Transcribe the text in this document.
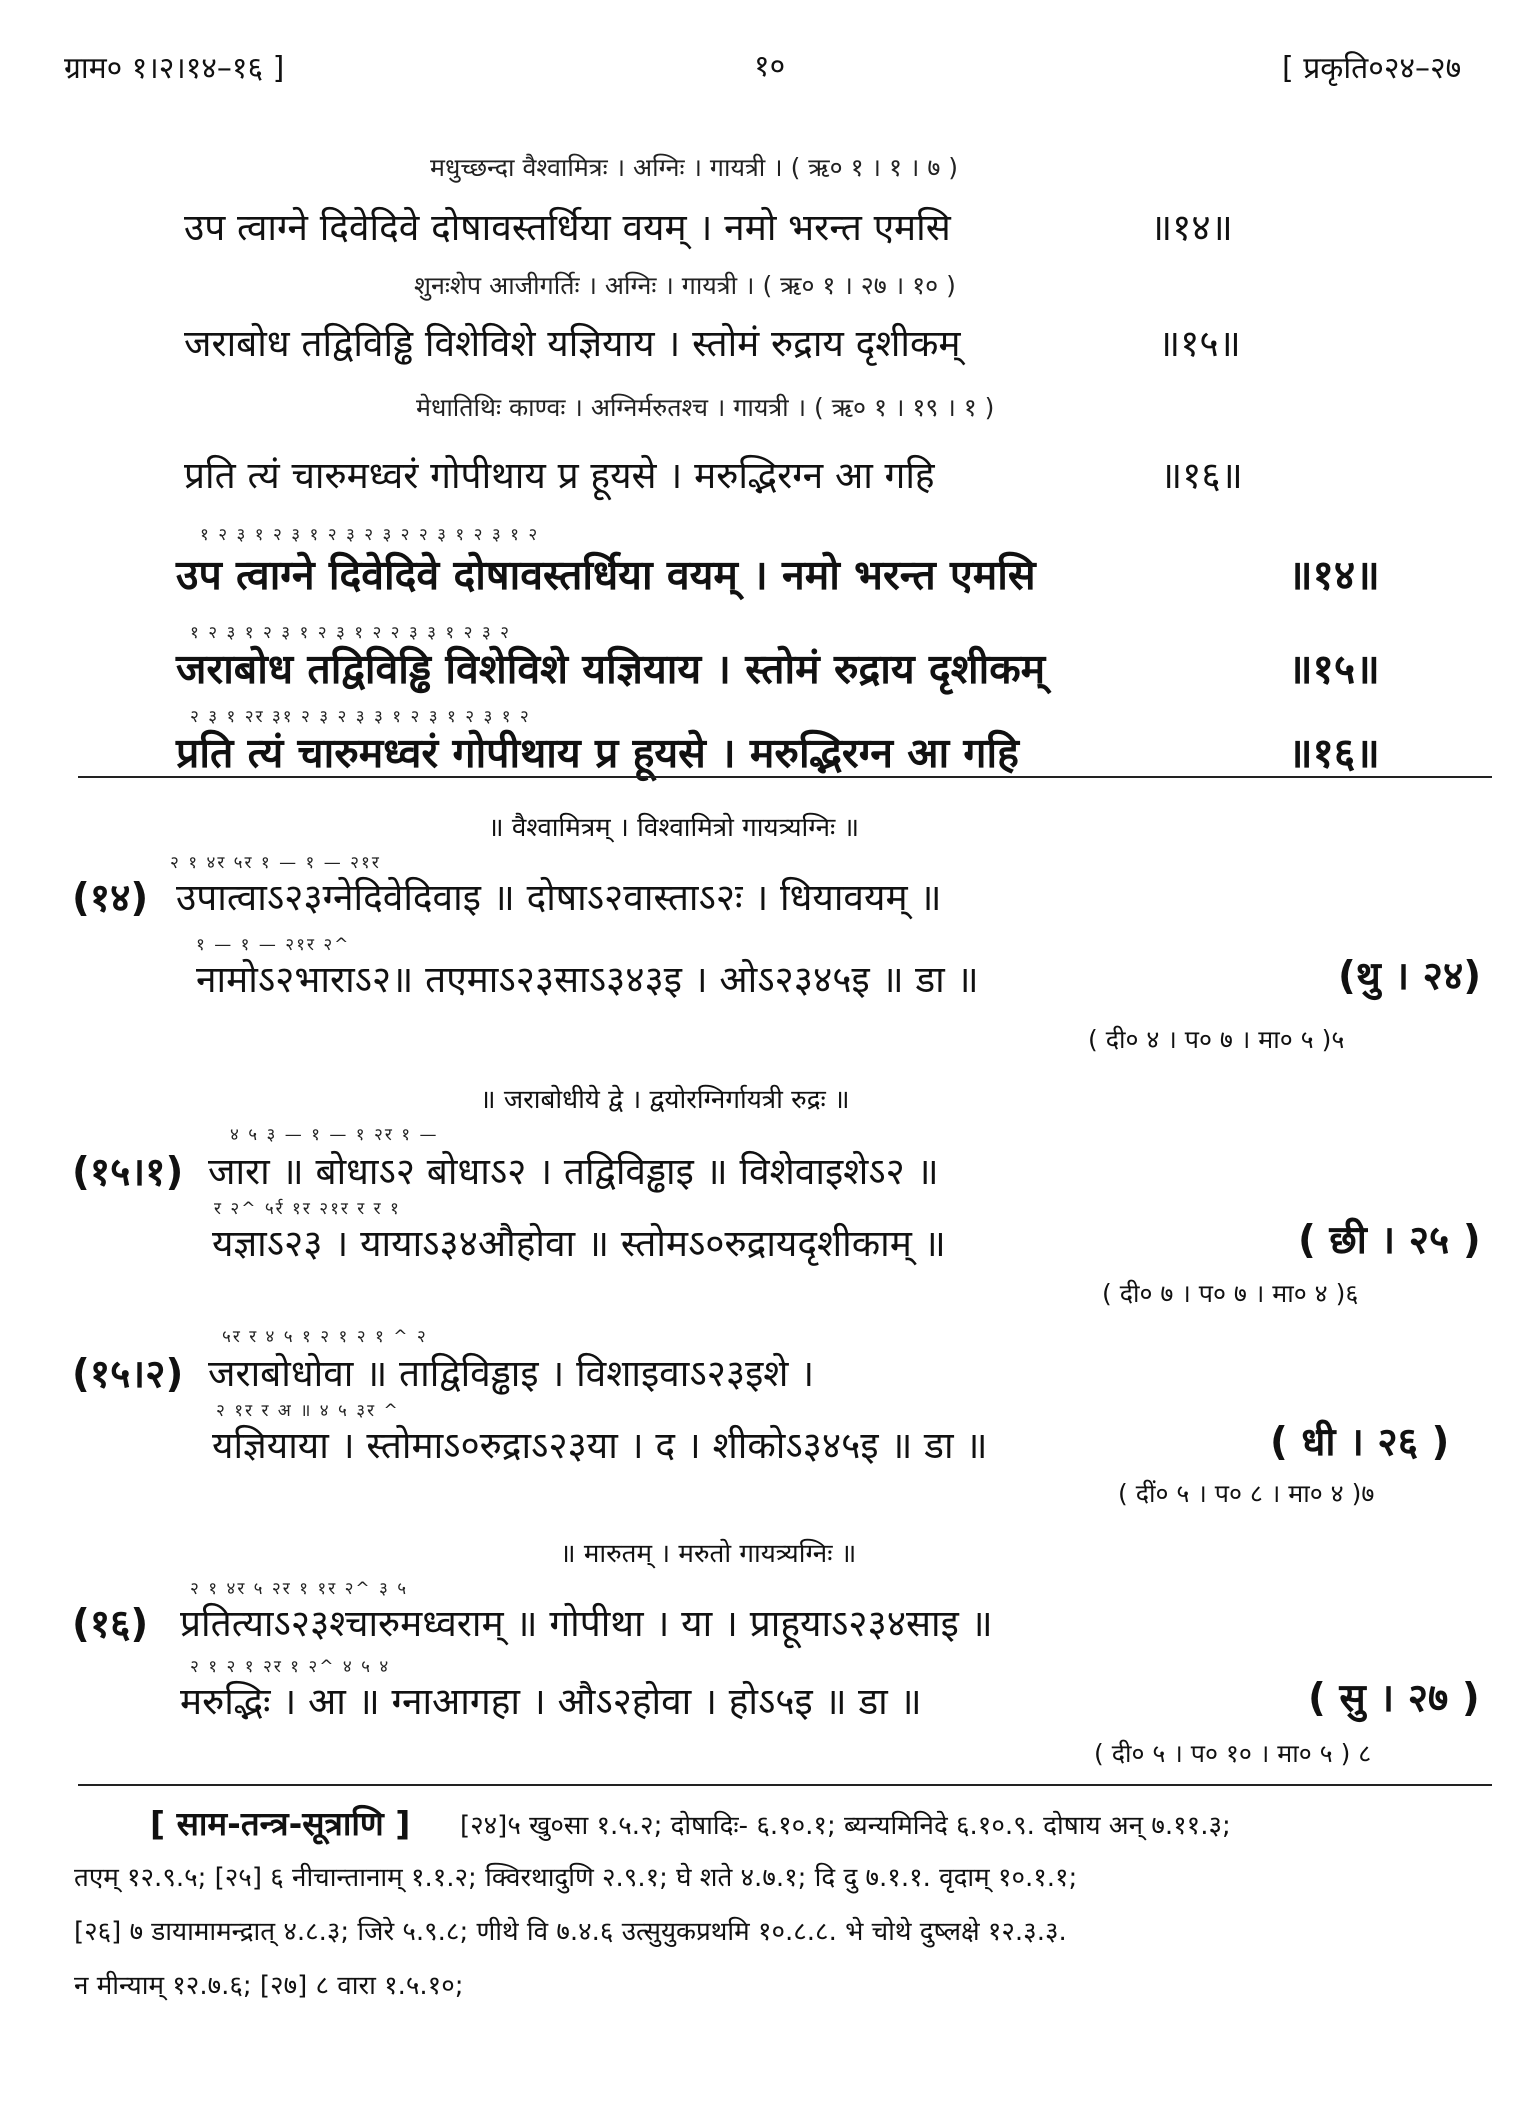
ग्राम० १।२।१४–१६ ]	१०	[ प्रकृति०२४–२७
मधुच्छन्दा वैश्वामित्रः । अग्निः । गायत्री । ( ऋ० १ । १ । ७ )
उप त्वाग्ने दिवेदिवे दोषावस्तर्धिया वयम् । नमो भरन्त एमसि	॥१४॥
शुनःशेप आजीगर्तिः । अग्निः । गायत्री । ( ऋ० १ । २७ । १० )
जराबोध तद्विविड्ढि विशेविशे यज्ञियाय । स्तोमं रुद्राय दृशीकम्	॥१५॥
मेधातिथिः काण्वः । अग्निर्मरुतश्च । गायत्री । ( ऋ० १ । १९ । १ )
प्रति त्यं चारुमध्वरं गोपीथाय प्र हूयसे । मरुद्भिरग्न आ गहि	॥१६॥
१ २ ३ १ २ ३ १ २ ३ २ ३ २ २ ३ १ २ ३ १ २
उप त्वाग्ने दिवेदिवे दोषावस्तर्धिया वयम् । नमो भरन्त एमसि	॥१४॥
१ २ ३ १ २ ३ १ २ ३ १ २ २ ३ ३ १ २ ३ २
जराबोध तद्विविड्ढि विशेविशे यज्ञियाय । स्तोमं रुद्राय दृशीकम्	॥१५॥
२ ३ १ २र ३१ २ ३ २ ३ ३ १ २ ३ १ २ ३ १ २
प्रति त्यं चारुमध्वरं गोपीथाय प्र हूयसे । मरुद्भिरग्न आ गहि	॥१६॥
॥ वैश्वामित्रम् । विश्वामित्रो गायत्र्यग्निः ॥
२ १ ४र ५र १ — १ — २१र
(१४) उपात्वाऽ२३ग्नेदिवेदिवाइ ॥ दोषाऽ२वास्ताऽ२ः । धियावयम् ॥
१ — १ — २१र २^
नामोऽ२भाराऽ२॥ तएमाऽ२३साऽ३४३इ । ओऽ२३४५इ ॥ डा ॥	(थु । २४)
( दी० ४ । प० ७ । मा० ५ )५
॥ जराबोधीये द्वे । द्वयोरग्निर्गायत्री रुद्रः ॥
४ ५ ३ — १ — १ २र १ —
(१५।१) जारा ॥ बोधाऽ२ बोधाऽ२ । तद्विविड्ढाइ ॥ विशेवाइशेऽ२ ॥
र २^ ५र्र १र २१र र र १
यज्ञाऽ२३ । यायाऽ३४औहोवा ॥ स्तोमऽ०रुद्रायदृशीकाम् ॥	( छी । २५ )
( दी० ७ । प० ७ । मा० ४ )६
५र र ४ ५ १ २ १ २ १ ^ २
(१५।२) जराबोधोवा ॥ ताद्विविड्ढाइ । विशाइवाऽ२३इशे ।
२ १र र अ ॥ ४ ५ ३र ^
यज्ञियाया । स्तोमाऽ०रुद्राऽ२३या । द । शीकोऽ३४५इ ॥ डा ॥	( धी । २६ )
( दीं० ५ । प० ८ । मा० ४ )७
॥ मारुतम् । मरुतो गायत्र्यग्निः ॥
२ १ ४र ५ २र १ १र २^ ३ ५
(१६) प्रतित्याऽ२३श्चारुमध्वराम् ॥ गोपीथा । या । प्राहूयाऽ२३४साइ ॥
२ १ २ १ २र १ २^ ४ ५ ४
मरुद्भिः । आ ॥ ग्नाआगहा । औऽ२होवा । होऽ५इ ॥ डा ॥	( सु । २७ )
( दी० ५ । प० १० । मा० ५ ) ८
[ साम-तन्त्र-सूत्राणि ] [२४]५ खु०सा १.५.२; दोषादिः- ६.१०.१; ब्यन्यमिनिदे ६.१०.९. दोषाय अन् ७.११.३;
तएम् १२.९.५; [२५] ६ नीचान्तानाम् १.१.२; क्विरथादुणि २.९.१; घे शते ४.७.१; दि दु ७.१.१. वृदाम् १०.१.१;
[२६] ७ डायामामन्द्रात् ४.८.३; जिरे ५.९.८; णीथे वि ७.४.६ उत्सुयुकप्रथमि १०.८.८. भे चोथे दुष्लक्षे १२.३.३.
न मीन्याम् १२.७.६; [२७] ८ वारा १.५.१०;
